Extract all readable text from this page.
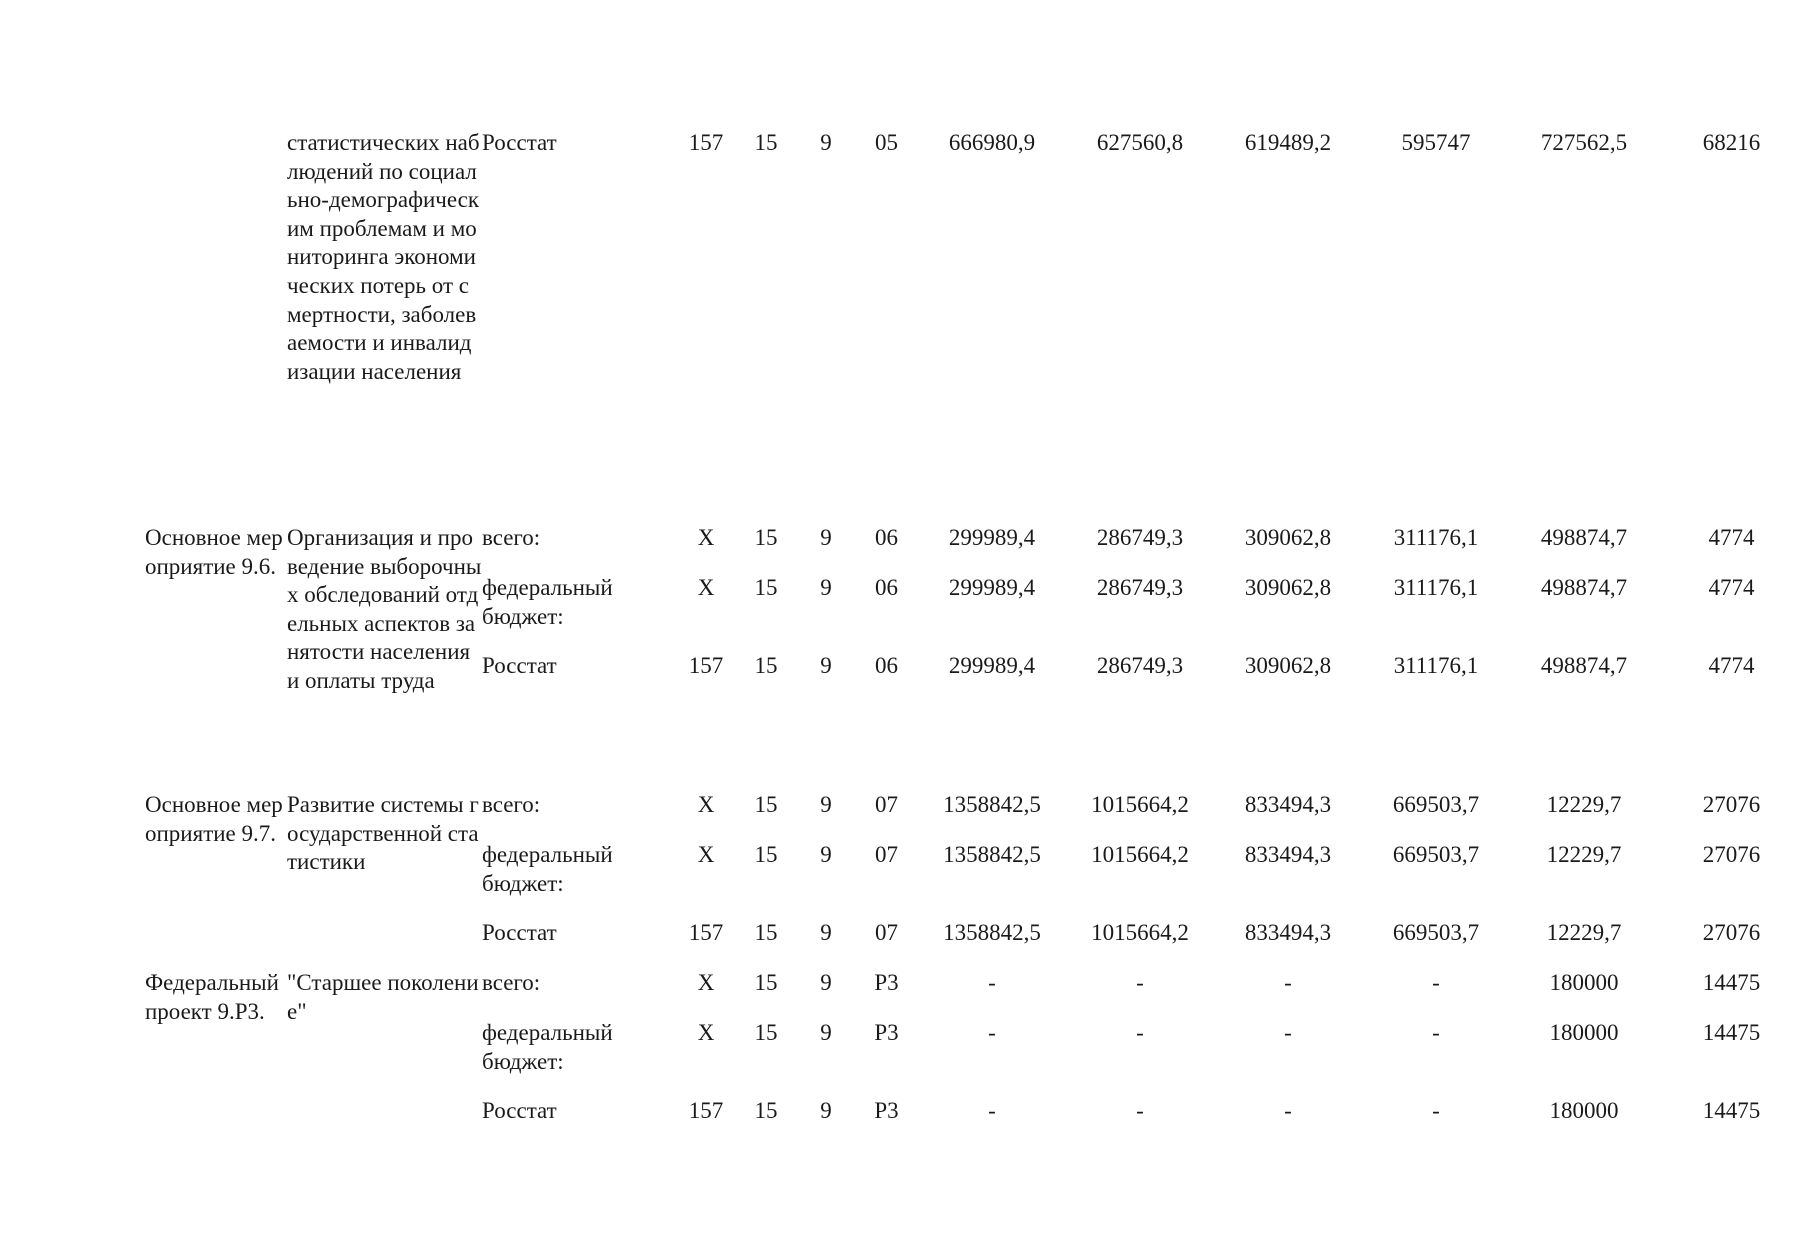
	статистических наблюдений по социально-демографическим проблемам и мониторинга экономических потерь от смертности, заболеваемости и инвалидизации населения	Росстат	157	15	9	05	666980,9	627560,8	619489,2	595747	727562,5	68216
Основное мероприятие 9.6.	Организация и проведение выборочных обследований отдельных аспектов занятости населения и оплаты труда	всего:	X	15	9	06	299989,4	286749,3	309062,8	311176,1	498874,7	4774
		федеральный бюджет:	X	15	9	06	299989,4	286749,3	309062,8	311176,1	498874,7	4774
		Росстат	157	15	9	06	299989,4	286749,3	309062,8	311176,1	498874,7	4774
Основное мероприятие 9.7.	Развитие системы государственной статистики	всего:	X	15	9	07	1358842,5	1015664,2	833494,3	669503,7	12229,7	27076
		федеральный бюджет:	X	15	9	07	1358842,5	1015664,2	833494,3	669503,7	12229,7	27076
		Росстат	157	15	9	07	1358842,5	1015664,2	833494,3	669503,7	12229,7	27076
Федеральный проект 9.Р3.	"Старшее поколение"	всего:	X	15	9	Р3	-	-	-	-	180000	14475
		федеральный бюджет:	X	15	9	Р3	-	-	-	-	180000	14475
		Росстат	157	15	9	Р3	-	-	-	-	180000	14475
